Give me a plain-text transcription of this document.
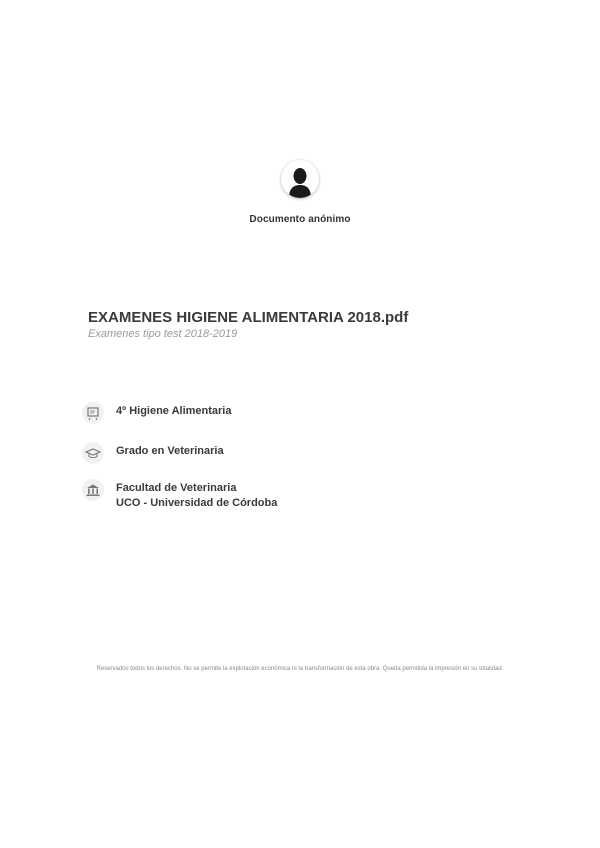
Documento anónimo
EXAMENES HIGIENE ALIMENTARIA 2018.pdf
Examenes tipo test 2018-2019
4º Higiene Alimentaria
Grado en Veterinaria
Facultad de Veterinaria
UCO - Universidad de Córdoba
Reservados todos los derechos. No se permite la explotación económica ni la transformación de esta obra. Queda permitida la impresión en su totalidad.
